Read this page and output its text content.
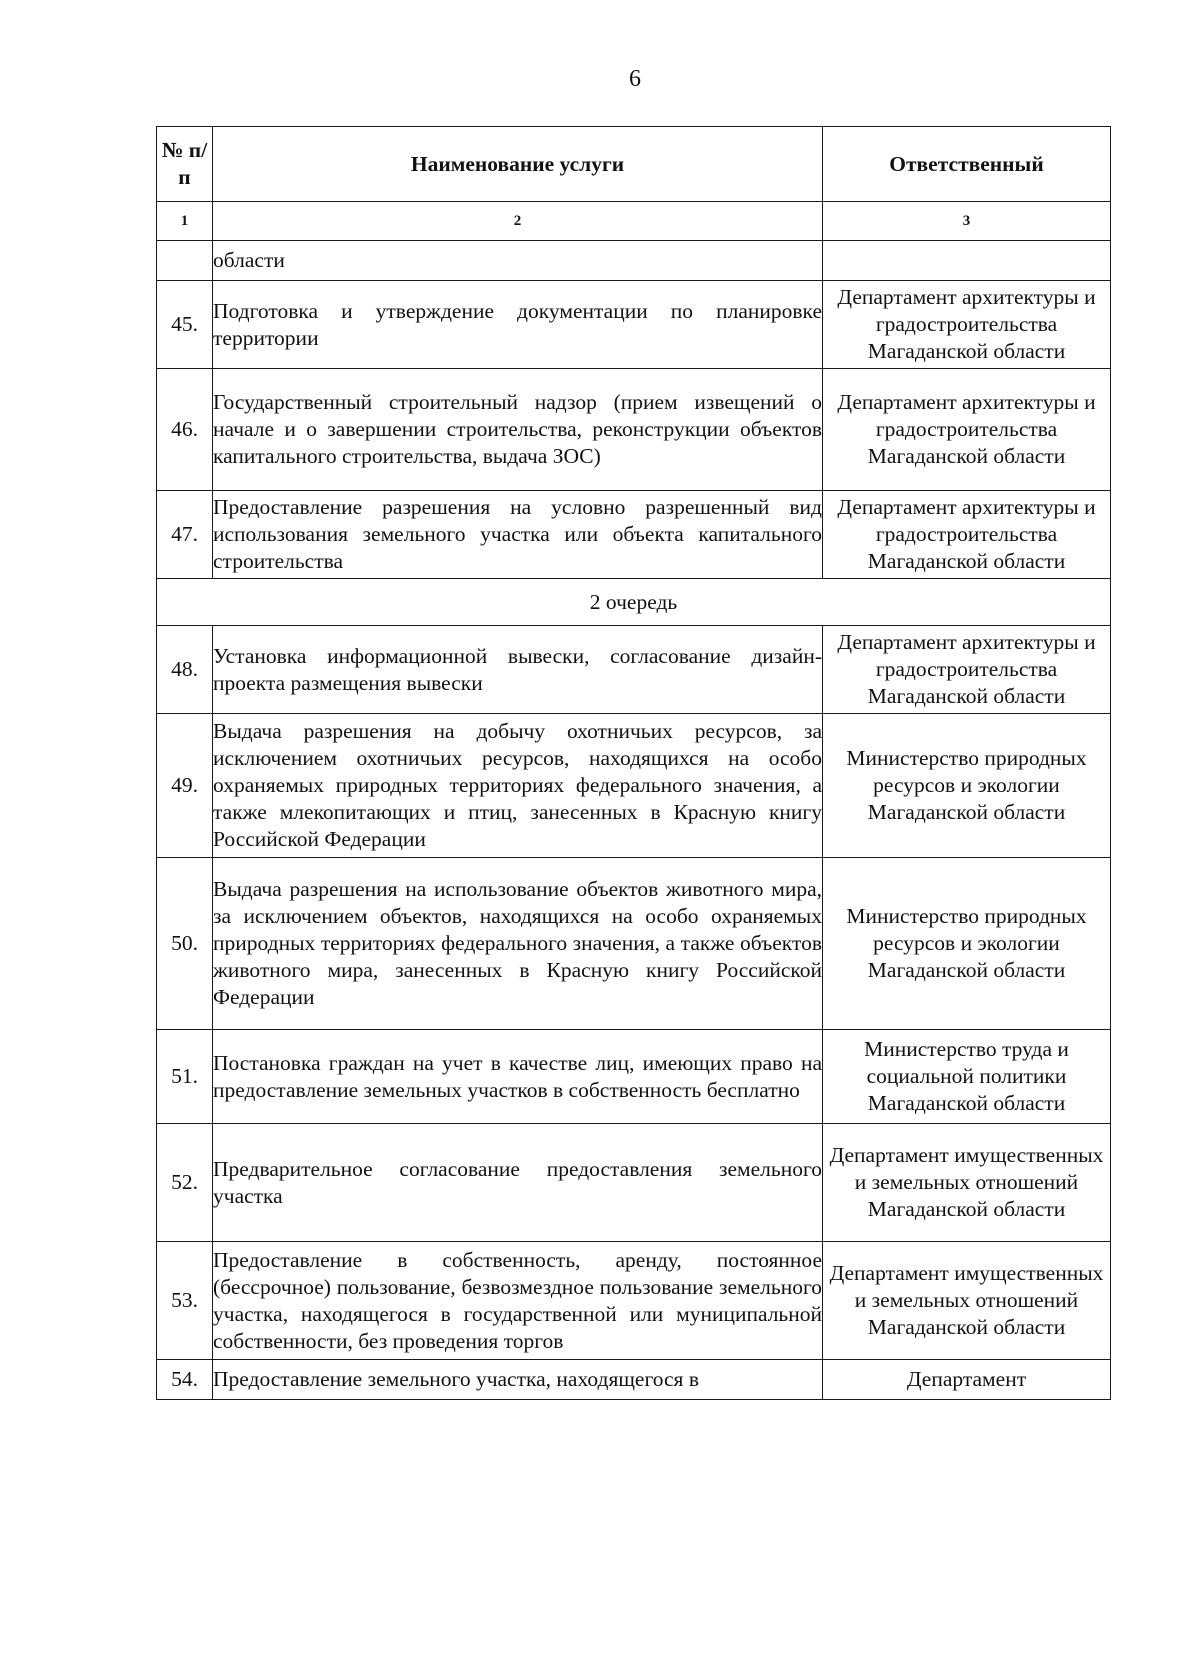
6
№ п/п	Наименование услуги	Ответственный
1	2	3
	области	
45.	Подготовка и утверждение документации по планировке территории	Департамент архитектуры и градостроительства Магаданской области
46.	Государственный строительный надзор (прием извещений о начале и о завершении строительства, реконструкции объектов капитального строительства, выдача ЗОС)	Департамент архитектуры и градостроительства Магаданской области
47.	Предоставление разрешения на условно разрешенный вид использования земельного участка или объекта капитального строительства	Департамент архитектуры и градостроительства Магаданской области
2 очередь		
48.	Установка информационной вывески, согласование дизайн-проекта размещения вывески	Департамент архитектуры и градостроительства Магаданской области
49.	Выдача разрешения на добычу охотничьих ресурсов, за исключением охотничьих ресурсов, находящихся на особо охраняемых природных территориях федерального значения, а также млекопитающих и птиц, занесенных в Красную книгу Российской Федерации	Министерство природных ресурсов и экологии Магаданской области
50.	Выдача разрешения на использование объектов животного мира, за исключением объектов, находящихся на особо охраняемых природных территориях федерального значения, а также объектов животного мира, занесенных в Красную книгу Российской Федерации	Министерство природных ресурсов и экологии Магаданской области
51.	Постановка граждан на учет в качестве лиц, имеющих право на предоставление земельных участков в собственность бесплатно	Министерство труда и социальной политики Магаданской области
52.	Предварительное согласование предоставления земельного участка	Департамент имущественных и земельных отношений Магаданской области
53.	Предоставление в собственность, аренду, постоянное (бессрочное) пользование, безвозмездное пользование земельного участка, находящегося в государственной или муниципальной собственности, без проведения торгов	Департамент имущественных и земельных отношений Магаданской области
54.	Предоставление земельного участка, находящегося в	Департамент
